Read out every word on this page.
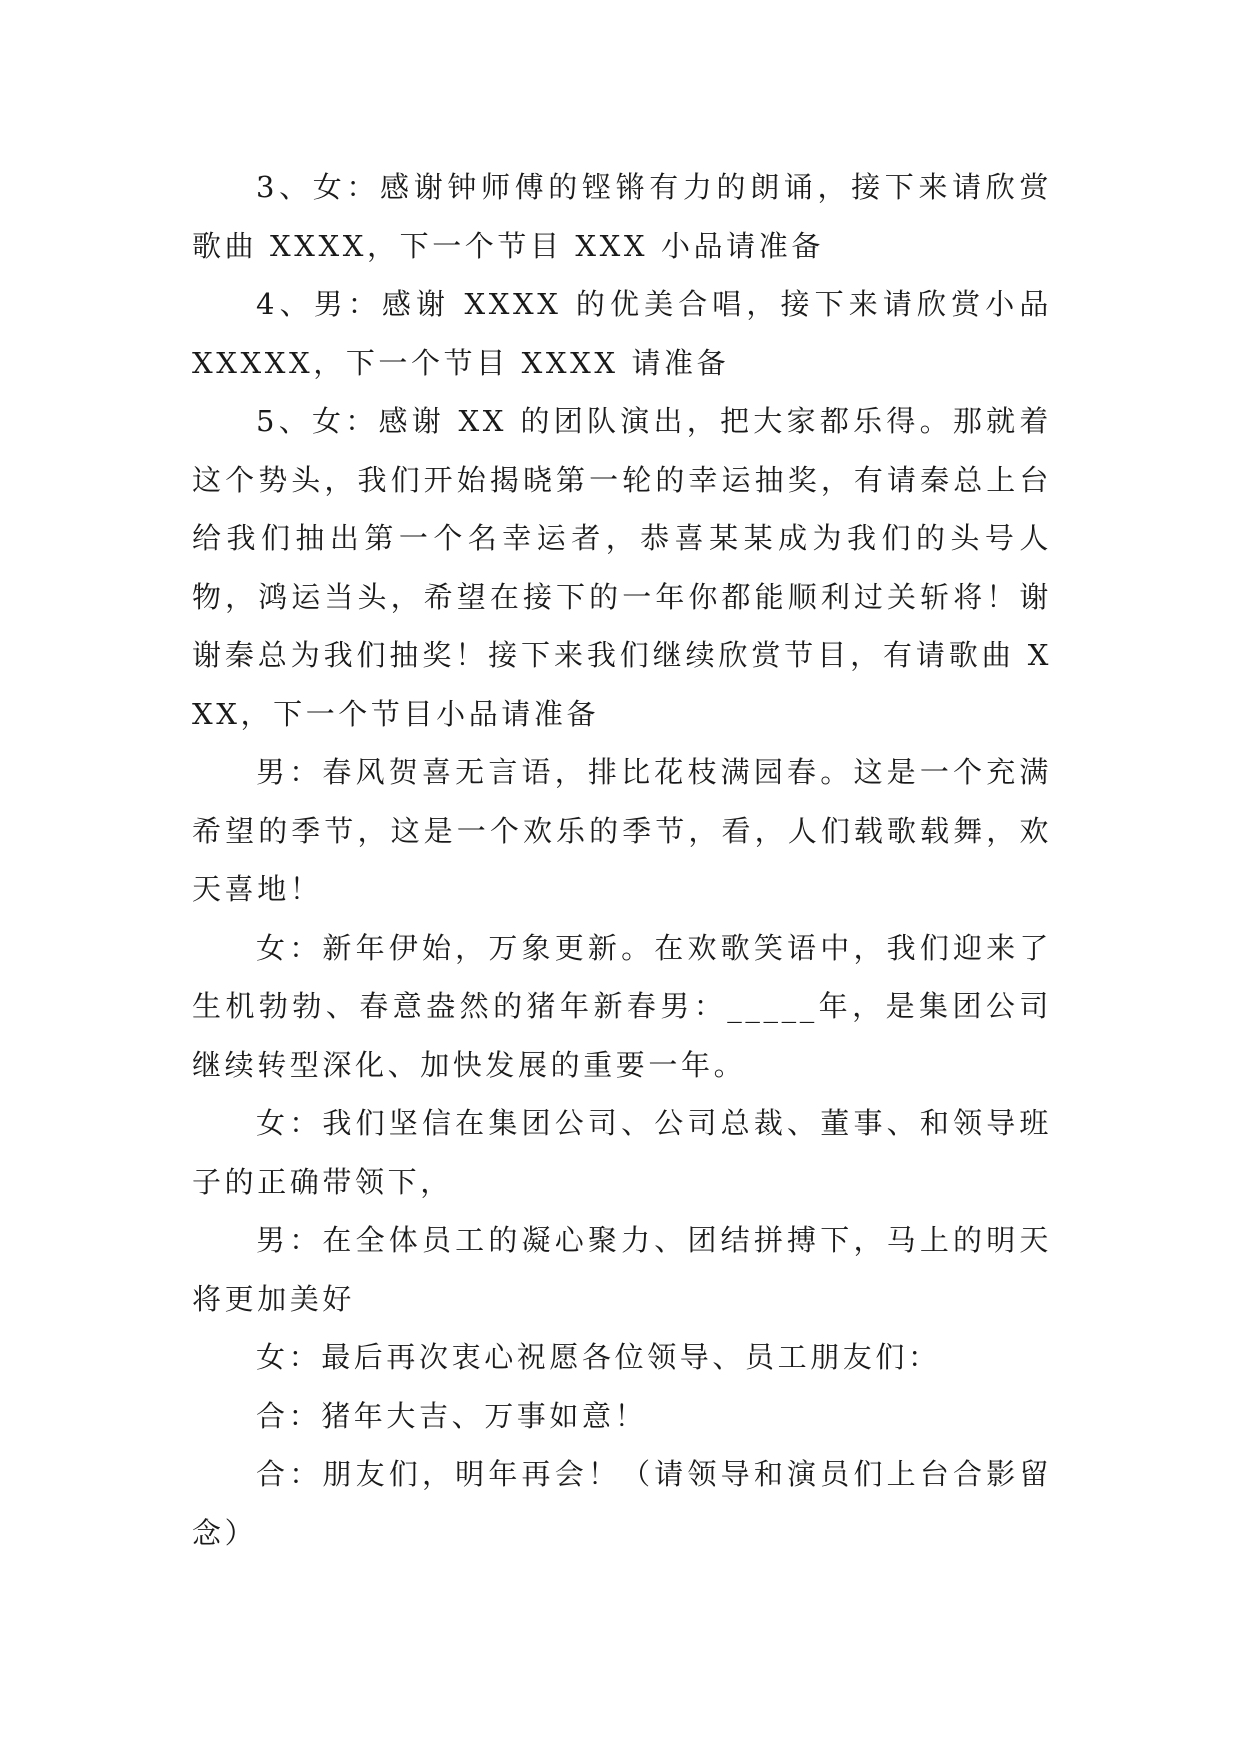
3、女：感谢钟师傅的铿锵有力的朗诵，接下来请欣赏歌曲 XXXX，下一个节目 XXX 小品请准备

4、男：感谢 XXXX 的优美合唱，接下来请欣赏小品 XXXXX，下一个节目 XXXX 请准备

5、女：感谢 XX 的团队演出，把大家都乐得。那就着这个势头，我们开始揭晓第一轮的幸运抽奖，有请秦总上台给我们抽出第一个名幸运者，恭喜某某成为我们的头号人物，鸿运当头，希望在接下的一年你都能顺利过关斩将！谢谢秦总为我们抽奖！接下来我们继续欣赏节目，有请歌曲 XXX，下一个节目小品请准备

男：春风贺喜无言语，排比花枝满园春。这是一个充满希望的季节，这是一个欢乐的季节，看，人们载歌载舞，欢天喜地！

女：新年伊始，万象更新。在欢歌笑语中，我们迎来了生机勃勃、春意盎然的猪年新春男：_____年，是集团公司继续转型深化、加快发展的重要一年。

女：我们坚信在集团公司、公司总裁、董事、和领导班子的正确带领下，

男：在全体员工的凝心聚力、团结拼搏下，马上的明天将更加美好

女：最后再次衷心祝愿各位领导、员工朋友们：

合：猪年大吉、万事如意！

合：朋友们，明年再会！（请领导和演员们上台合影留念）
